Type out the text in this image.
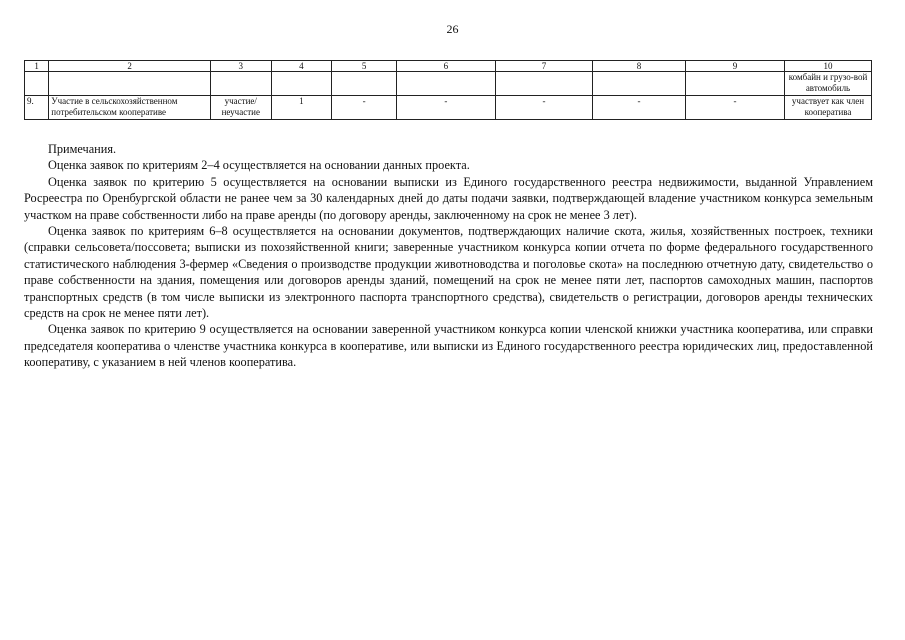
26
1	2	3	4	5	6	7	8	9	10
									комбайн и грузо-вой автомобиль
9.	Участие в сельскохозяйственном потребительском кооперативе	участие/ неучастие	1	-	-	-	-	-	участвует как член кооператива

Примечания.

Оценка заявок по критериям 2–4 осуществляется на основании данных проекта.

Оценка заявок по критерию 5 осуществляется на основании выписки из Единого государственного реестра недвижимости, выданной Управлением Росреестра по Оренбургской области не ранее чем за 30 календарных дней до даты подачи заявки, подтверждающей владение участником конкурса земельным участком на праве собственности либо на праве аренды (по договору аренды, заключенному на срок не менее 3 лет).

Оценка заявок по критериям 6–8 осуществляется на основании документов, подтверждающих наличие скота, жилья, хозяйственных построек, техники (справки сельсовета/поссовета; выписки из похозяйственной книги; заверенные участником конкурса копии отчета по форме федерального государственного статистического наблюдения 3-фермер «Сведения о производстве продукции животноводства и поголовье скота» на последнюю отчетную дату, свидетельство о праве собственности на здания, помещения или договоров аренды зданий, помещений на срок не менее пяти лет, паспортов самоходных машин, паспортов транспортных средств (в том числе выписки из электронного паспорта транспортного средства), свидетельств о регистрации, договоров аренды технических средств на срок не менее пяти лет).

Оценка заявок по критерию 9 осуществляется на основании заверенной участником конкурса копии членской книжки участника кооператива, или справки председателя кооператива о членстве участника конкурса в кооперативе, или выписки из Единого государственного реестра юридических лиц, предоставленной кооперативу, с указанием в ней членов кооператива.
